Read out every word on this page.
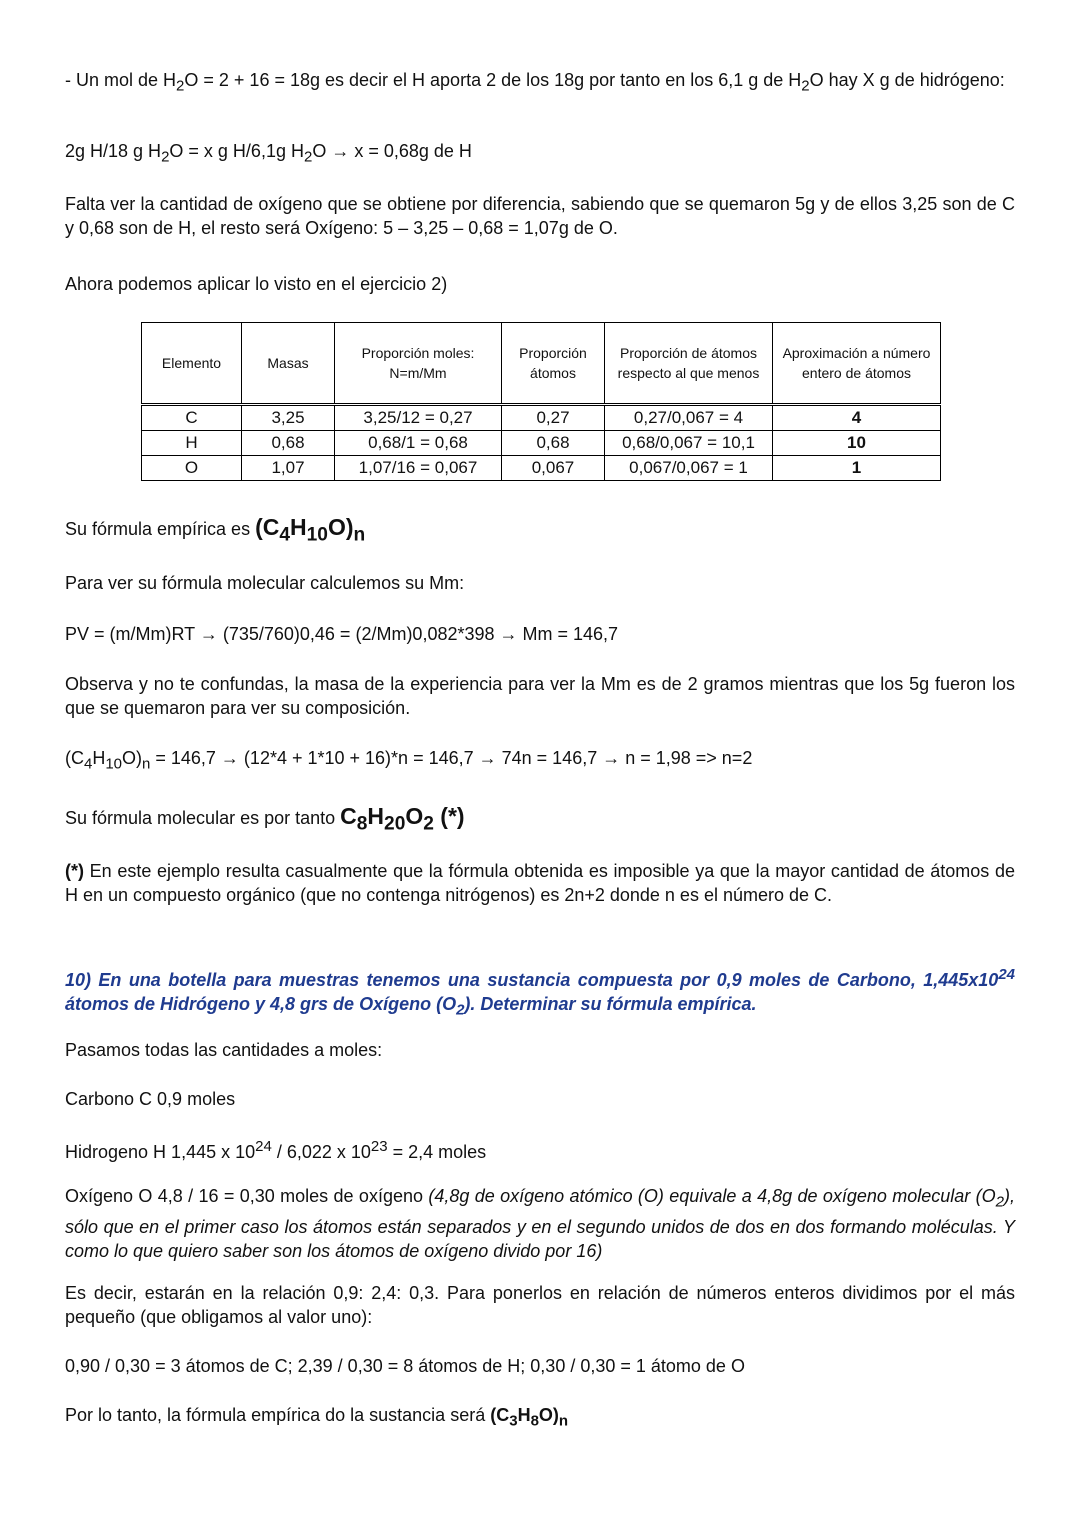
- Un mol de $H_2O = 2 + 16 = 18g$ es decir el H aporta 2 de los 18g por tanto en los 6,1 g de $H_2O$ hay X g de hidrógeno:

2g H/18 g $H_2O = x$ g H/6,1g $H_2O \to x = 0,68g$ de H

Falta ver la cantidad de oxígeno que se obtiene por diferencia, sabiendo que se quemaron 5g y de ellos 3,25 son de C y 0,68 son de H, el resto será Oxígeno: 5 – 3,25 – 0,68 = 1,07g de O.

Ahora podemos aplicar lo visto en el ejercicio 2)

Elemento	Masas	Proporción moles: N=m/Mm	Proporción átomos	Proporción de átomos respecto al que menos	Aproximación a número entero de átomos

C	3,25	3,25/12 = 0,27	0,27	0,27/0,067 = 4	4
H	0,68	0,68/1 = 0,68	0,68	0,68/0,067 = 10,1	10
O	1,07	1,07/16 = 0,067	0,067	0,067/0,067 = 1	1

Su fórmula empírica es $(C_4H_{10}O)_n$

Para ver su fórmula molecular calculemos su Mm:

PV = (m/Mm)RT → (735/760)0,46 = (2/Mm)0,082*398 → Mm = 146,7

Observa y no te confundas, la masa de la experiencia para ver la Mm es de 2 gramos mientras que los 5g fueron los que se quemaron para ver su composición.

$(C_4H_{10}O)_n = 146,7 \to (12*4 + 1*10 + 16)*n = 146,7 \to 74n = 146,7 \to n = 1,98 => n=2$

Su fórmula molecular es por tanto $C_8H_{20}O_2$ (*)

(*) En este ejemplo resulta casualmente que la fórmula obtenida es imposible ya que la mayor cantidad de átomos de H en un compuesto orgánico (que no contenga nitrógenos) es 2n+2 donde n es el número de C.

10) En una botella para muestras tenemos una sustancia compuesta por 0,9 moles de Carbono, $1,445x10^{24}$ átomos de Hidrógeno y 4,8 grs de Oxígeno $(O_2)$. Determinar su fórmula empírica.

Pasamos todas las cantidades a moles:

Carbono C 0,9 moles

Hidrogeno H 1,445 x $10^{24} / 6,022$ x $10^{23} = 2,4$ moles

Oxígeno O 4,8 / 16 = 0,30 moles de oxígeno (4,8g de oxígeno atómico (O) equivale a 4,8g de oxígeno molecular $(O_2)$, sólo que en el primer caso los átomos están separados y en el segundo unidos de dos en dos formando moléculas. Y como lo que quiero saber son los átomos de oxígeno divido por 16)

Es decir, estarán en la relación 0,9: 2,4: 0,3. Para ponerlos en relación de números enteros dividimos por el más pequeño (que obligamos al valor uno):

0,90 / 0,30 = 3 átomos de C; 2,39 / 0,30 = 8 átomos de H; 0,30 / 0,30 = 1 átomo de O

Por lo tanto, la fórmula empírica do la sustancia será $(C_3H_8O)_n$
